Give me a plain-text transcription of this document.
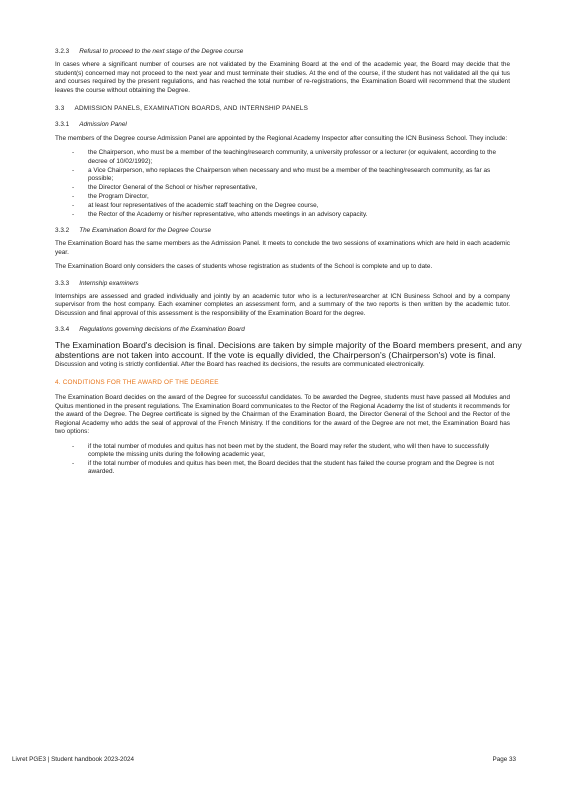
3.2.3 Refusal to proceed to the next stage of the Degree course

In cases where a significant number of courses are not validated by the Examining Board at the end of the academic year, the Board may decide that the student(s) concerned may not proceed to the next year and must terminate their studies. At the end of the course, if the student has not validated all the qui tus and courses required by the present regulations, and has reached the total number of re-registrations, the Examination Board will recommend that the student leaves the course without obtaining the Degree.

3.3 ADMISSION PANELS, EXAMINATION BOARDS, AND INTERNSHIP PANELS
3.3.1 Admission Panel

The members of the Degree course Admission Panel are appointed by the Regional Academy Inspector after consulting the ICN Business School. They include:

- the Chairperson, who must be a member of the teaching/research community, a university professor or a lecturer (or equivalent, according to the decree of 10/02/1992);
- a Vice Chairperson, who replaces the Chairperson when necessary and who must be a member of the teaching/research community, as far as possible;
- the Director General of the School or his/her representative,
- the Program Director,
- at least four representatives of the academic staff teaching on the Degree course,
- the Rector of the Academy or his/her representative, who attends meetings in an advisory capacity.
3.3.2 The Examination Board for the Degree Course

The Examination Board has the same members as the Admission Panel. It meets to conclude the two sessions of examinations which are held in each academic year.

The Examination Board only considers the cases of students whose registration as students of the School is complete and up to date.

3.3.3 Internship examiners

Internships are assessed and graded individually and jointly by an academic tutor who is a lecturer/researcher at ICN Business School and by a company supervisor from the host company. Each examiner completes an assessment form, and a summary of the two reports is then written by the academic tutor. Discussion and final approval of this assessment is the responsibility of the Examination Board for the degree.

3.3.4 Regulations governing decisions of the Examination Board

The Examination Board's decision is final. Decisions are taken by simple majority of the Board members present, and any abstentions are not taken into account. If the vote is equally divided, the Chairperson's (Chairperson's) vote is final.

Discussion and voting is strictly confidential. After the Board has reached its decisions, the results are communicated electronically.

4. CONDITIONS FOR THE AWARD OF THE DEGREE

The Examination Board decides on the award of the Degree for successful candidates. To be awarded the Degree, students must have passed all Modules and Quitus mentioned in the present regulations. The Examination Board communicates to the Rector of the Regional Academy the list of students it recommends for the award of the Degree. The Degree certificate is signed by the Chairman of the Examination Board, the Director General of the School and the Rector of the Regional Academy who adds the seal of approval of the French Ministry. If the conditions for the award of the Degree are not met, the Examination Board has two options:

- if the total number of modules and quitus has not been met by the student, the Board may refer the student, who will then have to successfully complete the missing units during the following academic year,
- if the total number of modules and quitus has been met, the Board decides that the student has failed the course program and the Degree is not awarded.
Livret PGE3 | Student handbook 2023-2024	Page 33
